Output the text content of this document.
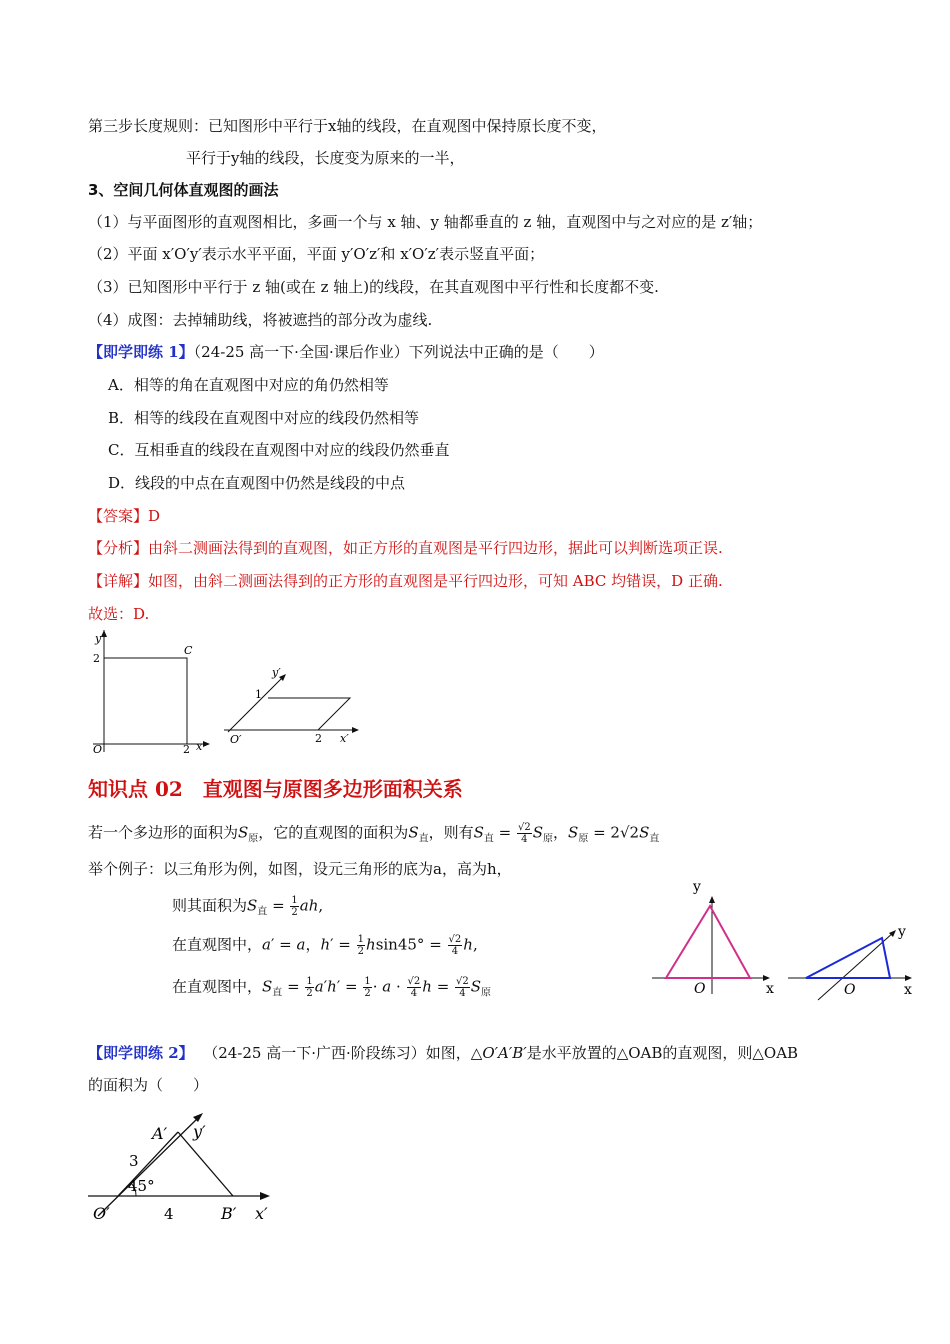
第三步长度规则：已知图形中平行于x轴的线段，在直观图中保持原长度不变，
平行于y轴的线段，长度变为原来的一半，
3、空间几何体直观图的画法
（1）与平面图形的直观图相比，多画一个与 x 轴、y 轴都垂直的 z 轴，直观图中与之对应的是 z′轴；
（2）平面 x′O′y′表示水平平面，平面 y′O′z′和 x′O′z′表示竖直平面；
（3）已知图形中平行于 z 轴(或在 z 轴上)的线段，在其直观图中平行性和长度都不变.
（4）成图：去掉辅助线，将被遮挡的部分改为虚线.
【即学即练 1】（24-25 高一下·全国·课后作业）下列说法中正确的是（　　）
A．相等的角在直观图中对应的角仍然相等
B．相等的线段在直观图中对应的线段仍然相等
C．互相垂直的线段在直观图中对应的线段仍然垂直
D．线段的中点在直观图中仍然是线段的中点
【答案】D
【分析】由斜二测画法得到的直观图，如正方形的直观图是平行四边形，据此可以判断选项正误.
【详解】如图，由斜二测画法得到的正方形的直观图是平行四边形，可知 ABC 均错误，D 正确.
故选：D.
y
x
2
2
O
C
y′
x′
1
2
O′
知识点 02　直观图与原图多边形面积关系
若一个多边形的面积为$S_原$，它的直观图的面积为$S_直$，则有$S_直 = \frac{√2}{4} S_原$，$S_原 = 2√2S_直$
举个例子：以三角形为例，如图，设元三角形的底为a，高为h，
则其面积为$S_直 = \frac{1}{2}$ ah,
在直观图中，a′ = a，$h' = \frac{1}{2} hsin45^\circ = \frac{√2}{4} h$,
在直观图中，$S_直 = \frac{1}{2} a'h' = \frac{1}{2} \cdot a \cdot \frac{√2}{4}$ $h = \frac{√2}{4} S_原$
y
x
O
y
x
O
【即学即练 2】 （24-25 高一下·广西·阶段练习）如图，△O′A′B′是水平放置的△OAB的直观图，则△OAB
的面积为（　　）
A′ y′
3
45°
O′	4	B′ x′
